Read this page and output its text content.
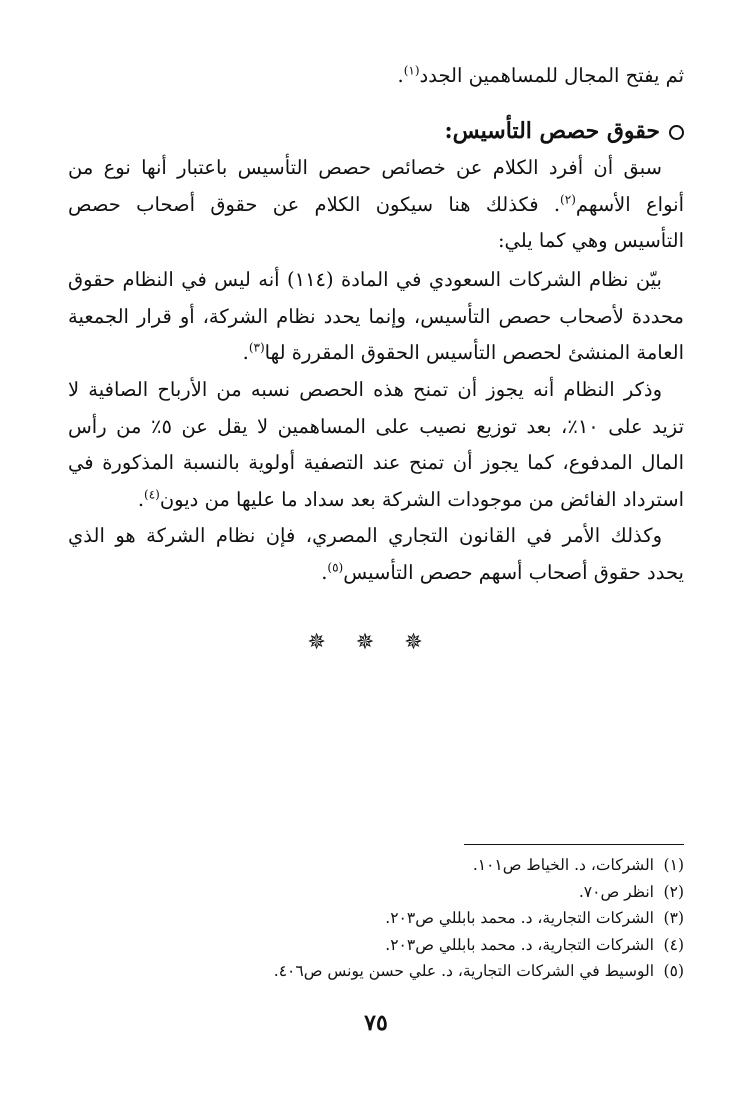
ثم يفتح المجال للمساهمين الجدد$^{(١)}$.

حقوق حصص التأسيس:

سبق أن أفرد الكلام عن خصائص حصص التأسيس باعتبار أنها نوع من

أنواع الأسهم$^{(٢)}$. فكذلك هنا سيكون الكلام عن حقوق أصحاب حصص

التأسيس وهي كما يلي:

بيّن نظام الشركات السعودي في المادة (١١٤) أنه ليس في النظام حقوق

محددة لأصحاب حصص التأسيس، وإنما يحدد نظام الشركة، أو قرار الجمعية

العامة المنشئ لحصص التأسيس الحقوق المقررة لها$^{(٣)}$.

وذكر النظام أنه يجوز أن تمنح هذه الحصص نسبه من الأرباح الصافية لا

تزيد على ١٠٪، بعد توزيع نصيب على المساهمين لا يقل عن ٥٪ من رأس

المال المدفوع، كما يجوز أن تمنح عند التصفية أولوية بالنسبة المذكورة في

استرداد الفائض من موجودات الشركة بعد سداد ما عليها من ديون$^{(٤)}$.

وكذلك الأمر في القانون التجاري المصري، فإن نظام الشركة هو الذي

يحدد حقوق أصحاب أسهم حصص التأسيس$^{(٥)}$.

✵ ✵ ✵
(١)
الشركات، د. الخياط ص١٠١.
(٢)
انظر ص٧٠.
(٣)
الشركات التجارية، د. محمد بابللي ص٢٠٣.
(٤)
الشركات التجارية، د. محمد بابللي ص٢٠٣.
(٥)
الوسيط في الشركات التجارية، د. علي حسن يونس ص٤٠٦.
٧٥
